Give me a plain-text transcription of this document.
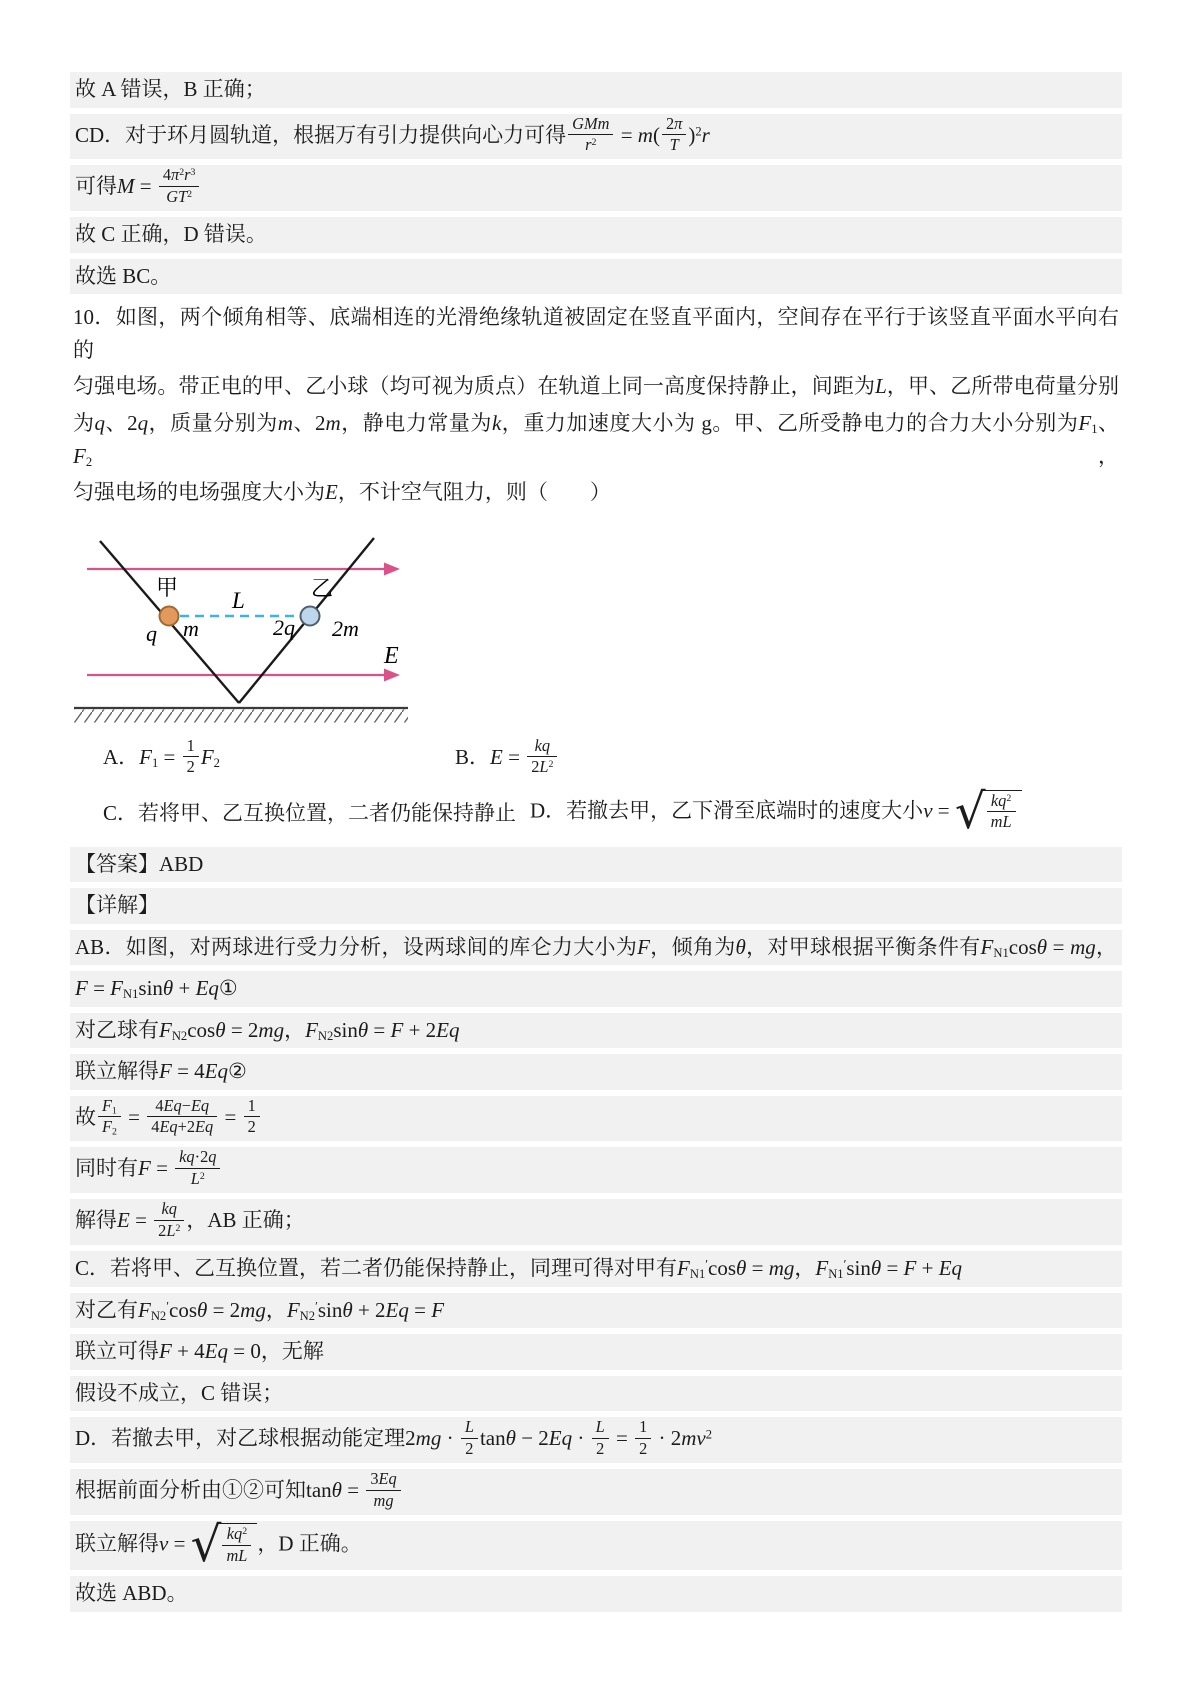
故 A 错误，B 正确；
CD．对于环月圆轨道，根据万有引力提供向心力可得 $\frac{\text{GMm}}{r^2} = m( \frac{2\pi}{T} )^2r$
可得$M = \frac{4\pi^2r^3}{GT^2}$
故 C 正确，D 错误。
故选 BC。
10．如图，两个倾角相等、底端相连的光滑绝缘轨道被固定在竖直平面内，空间存在平行于该竖直平面水平向右的
匀强电场。带正电的甲、乙小球（均可视为质点）在轨道上同一高度保持静止，间距为L，甲、乙所带电荷量分别
为q、2q，质量分别为m、2m，静电力常量为k，重力加速度大小为 g。甲、乙所受静电力的合力大小分别为$F_1$、$F_2$，
匀强电场的电场强度大小为E，不计空气阻力，则（　　）
甲	乙
L
q m	2q 2m
E
A．$F_1 = \frac{1}{2} F_2$	B．$E = \frac{kq}{2L^2}$
C．若将甲、乙互换位置，二者仍能保持静止 D．若撤去甲，乙下滑至底端时的速度大小v = √ $\frac{kq^2}{mL}$
【答案】ABD
【详解】
AB．如图，对两球进行受力分析，设两球间的库仑力大小为F，倾角为θ，对甲球根据平衡条件有$F_{N1}\cos\theta$ = mg，
$F = F_{N1}\sin\theta$ + Eq①
对乙球有$F_{N2}\cos\theta = 2mg$，$F_{N2}\sin\theta = F + 2Eq$
联立解得F = 4Eq②
故 $\frac{F_1}{F_2} = \frac{4Eq-Eq}{4Eq+2Eq} = \frac{1}{2}$
同时有$F = \frac{kq\cdot 2q}{L^2}$
解得$E = \frac{kq}{2L^2}$ ，AB 正确；
C．若将甲、乙互换位置，若二者仍能保持静止，同理可得对甲有$F_{N1}'\cos\theta$ = mg，$F_{N1}'\sin\theta = F + Eq$
对乙有$F_{N2}'\cos\theta = 2mg$，$F_{N2}'\sin\theta + 2Eq = F$
联立可得F + 4Eq = 0，无解
假设不成立，C 错误；
D．若撤去甲，对乙球根据动能定理$2mg \cdot \frac{L}{2}$ $\tan\theta - 2Eq \cdot \frac{L}{2} = \frac{1}{2} \cdot 2mv^2$
根据前面分析由①②可知$\tan\theta = \frac{3Eq}{mg}$
联立解得v = √ $\frac{kq^2}{mL}$ ，D 正确。
故选 ABD。
